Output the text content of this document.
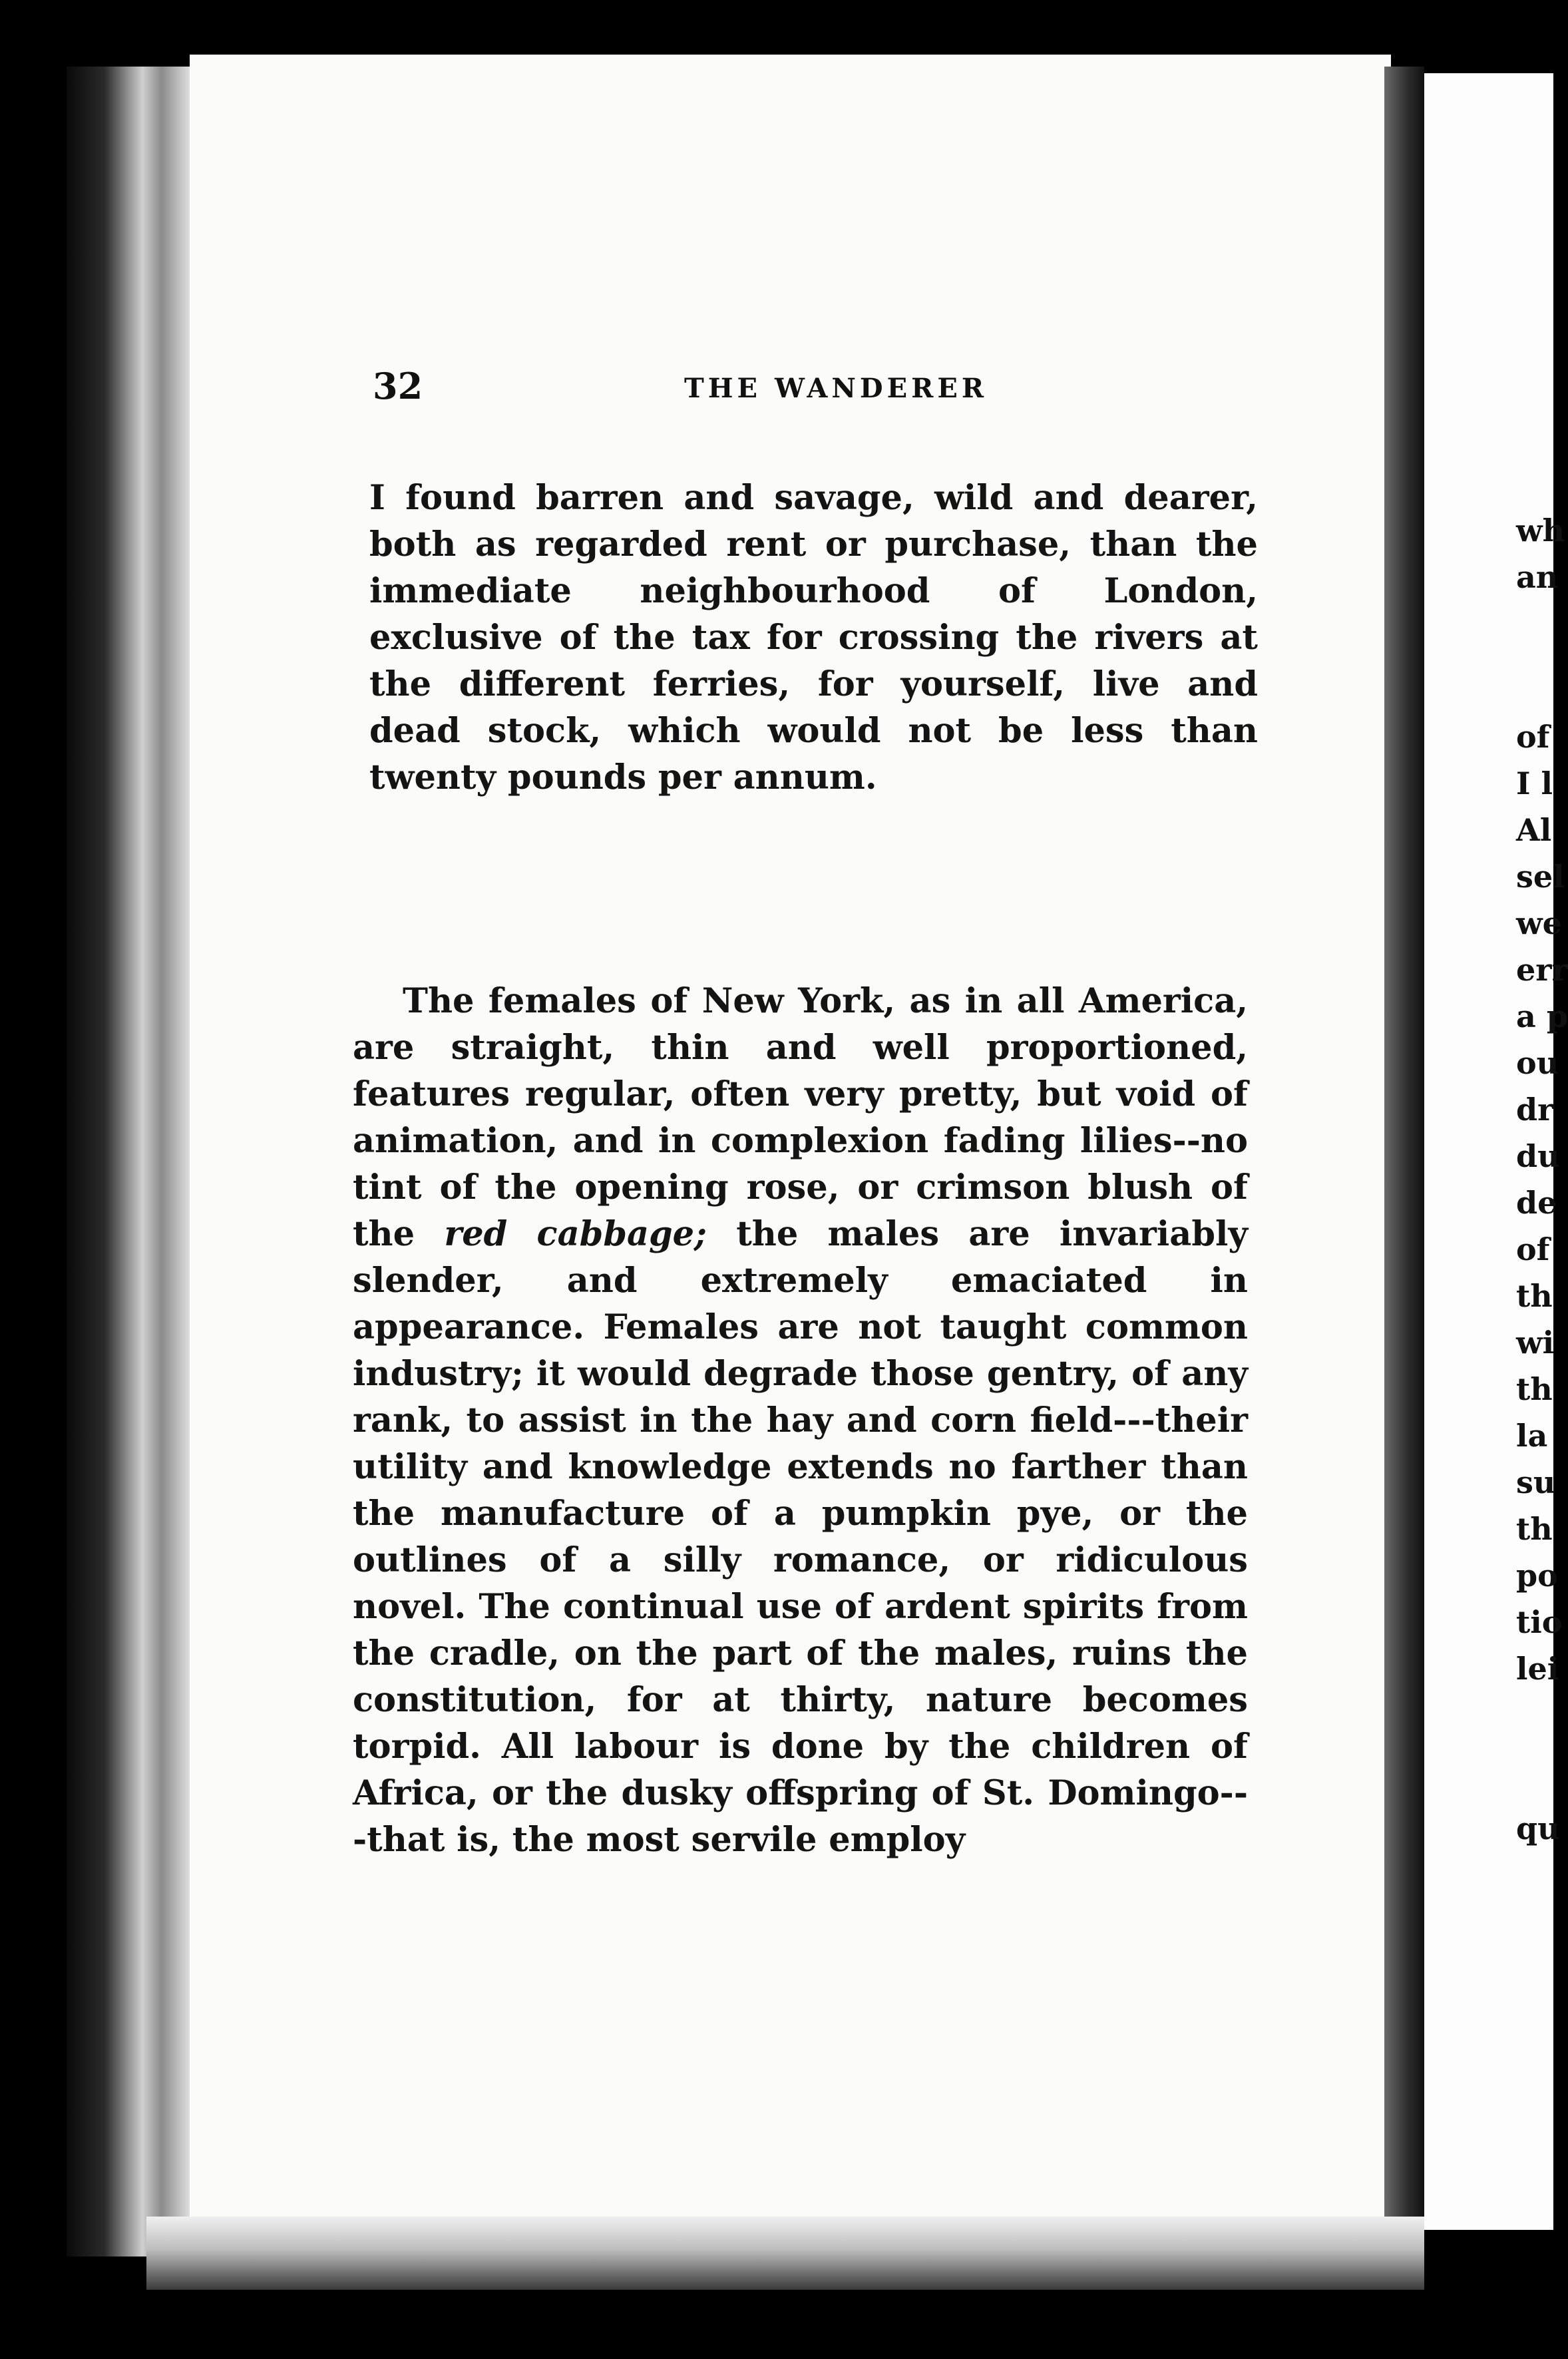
32	THE WANDERER

I found barren and savage, wild and dearer, both as regarded rent or purchase, than the immediate neighbourhood of London, exclusive of the tax for crossing the rivers at the different ferries, for yourself, live and dead stock, which would not be less than twenty pounds per annum.

The females of New York, as in all America, are straight, thin and well proportioned, features regular, often very pretty, but void of animation, and in complexion fading lilies--no tint of the opening rose, or crimson blush of the red cabbage; the males are invariably slender, and extremely emaciated in appearance. Females are not taught common industry; it would degrade those gentry, of any rank, to assist in the hay and corn field---their utility and knowledge extends no farther than the manufacture of a pumpkin pye, or the outlines of a silly romance, or ridiculous novel. The continual use of ardent spirits from the cradle, on the part of the males, ruins the constitution, for at thirty, nature becomes torpid. All labour is done by the children of Africa, or the dusky offspring of St. Domingo---that is, the most servile employ

wh
an
of
I l
Al
sel
we
err
a p
ou
dr
du
de
of
th
wi
th
la
su
th
po
tio
lei
qu
